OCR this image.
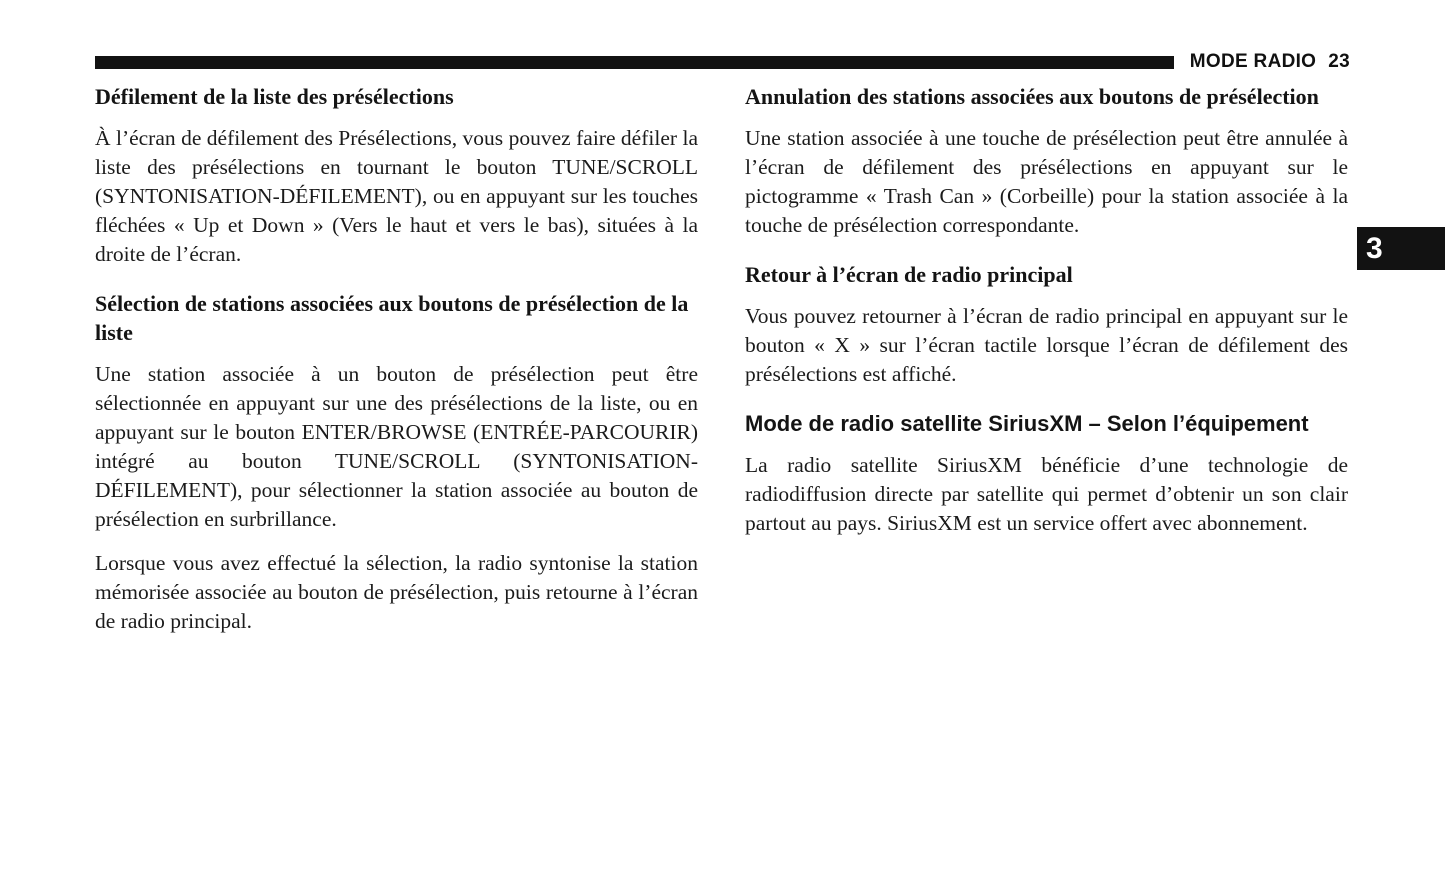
MODE RADIO 23
3
Défilement de la liste des présélections

À l’écran de défilement des Présélections, vous pouvez faire défiler la liste des présélections en tournant le bouton TUNE/SCROLL (SYNTONISATION-DÉFILEMENT), ou en appuyant sur les touches fléchées « Up et Down » (Vers le haut et vers le bas), situées à la droite de l’écran.

Sélection de stations associées aux boutons de présélection de la liste

Une station associée à un bouton de présélection peut être sélectionnée en appuyant sur une des présélections de la liste, ou en appuyant sur le bouton ENTER/BROWSE (ENTRÉE-PARCOURIR) intégré au bouton TUNE/SCROLL (SYNTONISATION-DÉFILEMENT), pour sélectionner la station associée au bouton de présélection en surbrillance.

Lorsque vous avez effectué la sélection, la radio syntonise la station mémorisée associée au bouton de présélection, puis retourne à l’écran de radio principal.

Annulation des stations associées aux boutons de présélection

Une station associée à une touche de présélection peut être annulée à l’écran de défilement des présélections en appuyant sur le pictogramme « Trash Can » (Corbeille) pour la station associée à la touche de présélection correspondante.

Retour à l’écran de radio principal

Vous pouvez retourner à l’écran de radio principal en appuyant sur le bouton « X » sur l’écran tactile lorsque l’écran de défilement des présélections est affiché.

Mode de radio satellite SiriusXM – Selon l’équipement

La radio satellite SiriusXM bénéficie d’une technologie de radiodiffusion directe par satellite qui permet d’obtenir un son clair partout au pays. SiriusXM est un service offert avec abonnement.
